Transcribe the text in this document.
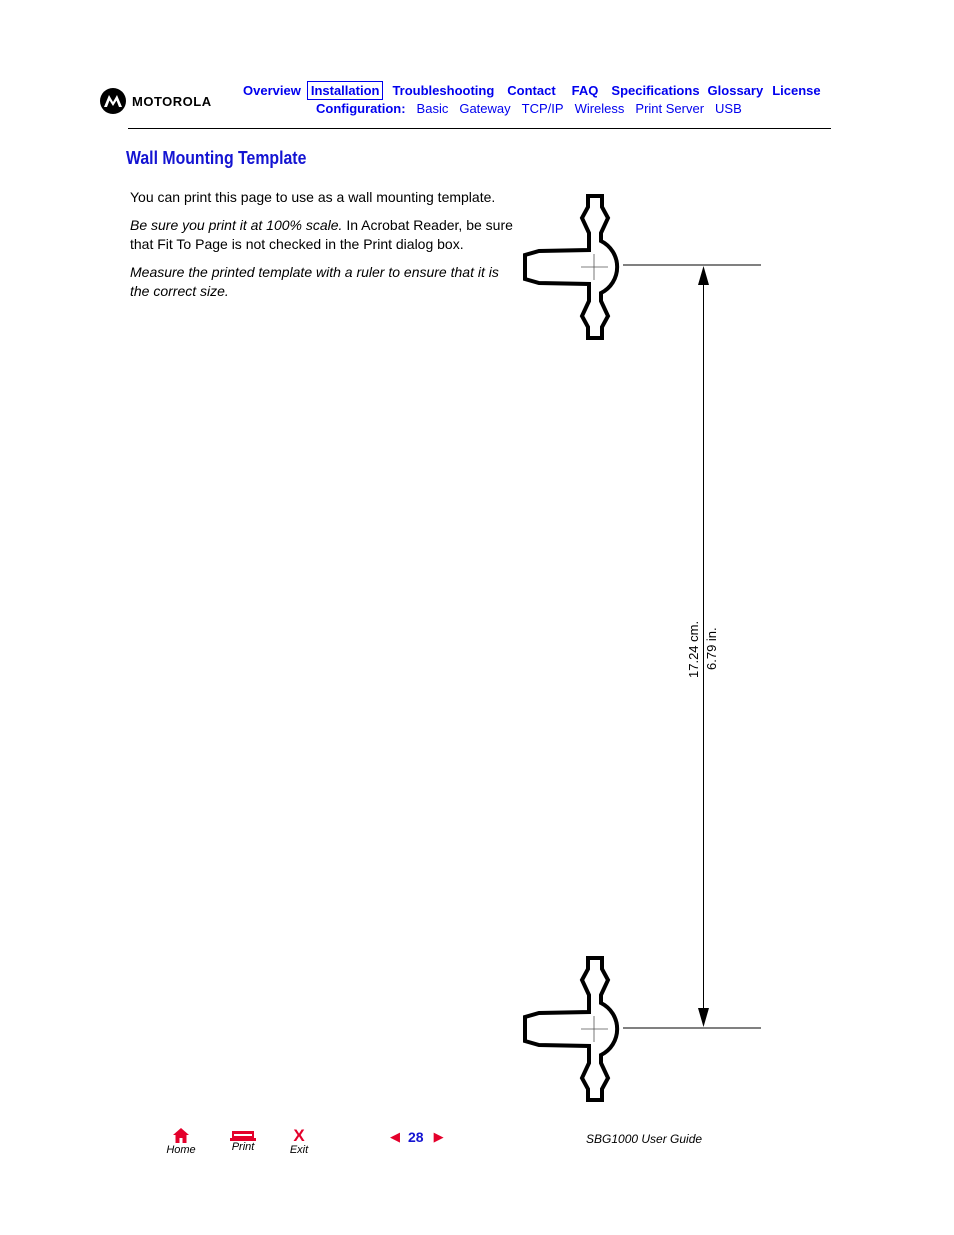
MOTOROLA
Overview Installation	Troubleshooting Contact FAQ Specifications Glossary License
Configuration: Basic Gateway TCP/IP Wireless Print Server USB
Wall Mounting Template
You can print this page to use as a wall mounting template.
Be sure you print it at 100% scale. In Acrobat Reader, be sure that Fit To Page is not checked in the Print dialog box.
Measure the printed template with a ruler to ensure that it is the correct size.
17.24 cm. 6.79 in.
Home	Print
X
Exit
◀ 28 ▶	SBG1000 User Guide
